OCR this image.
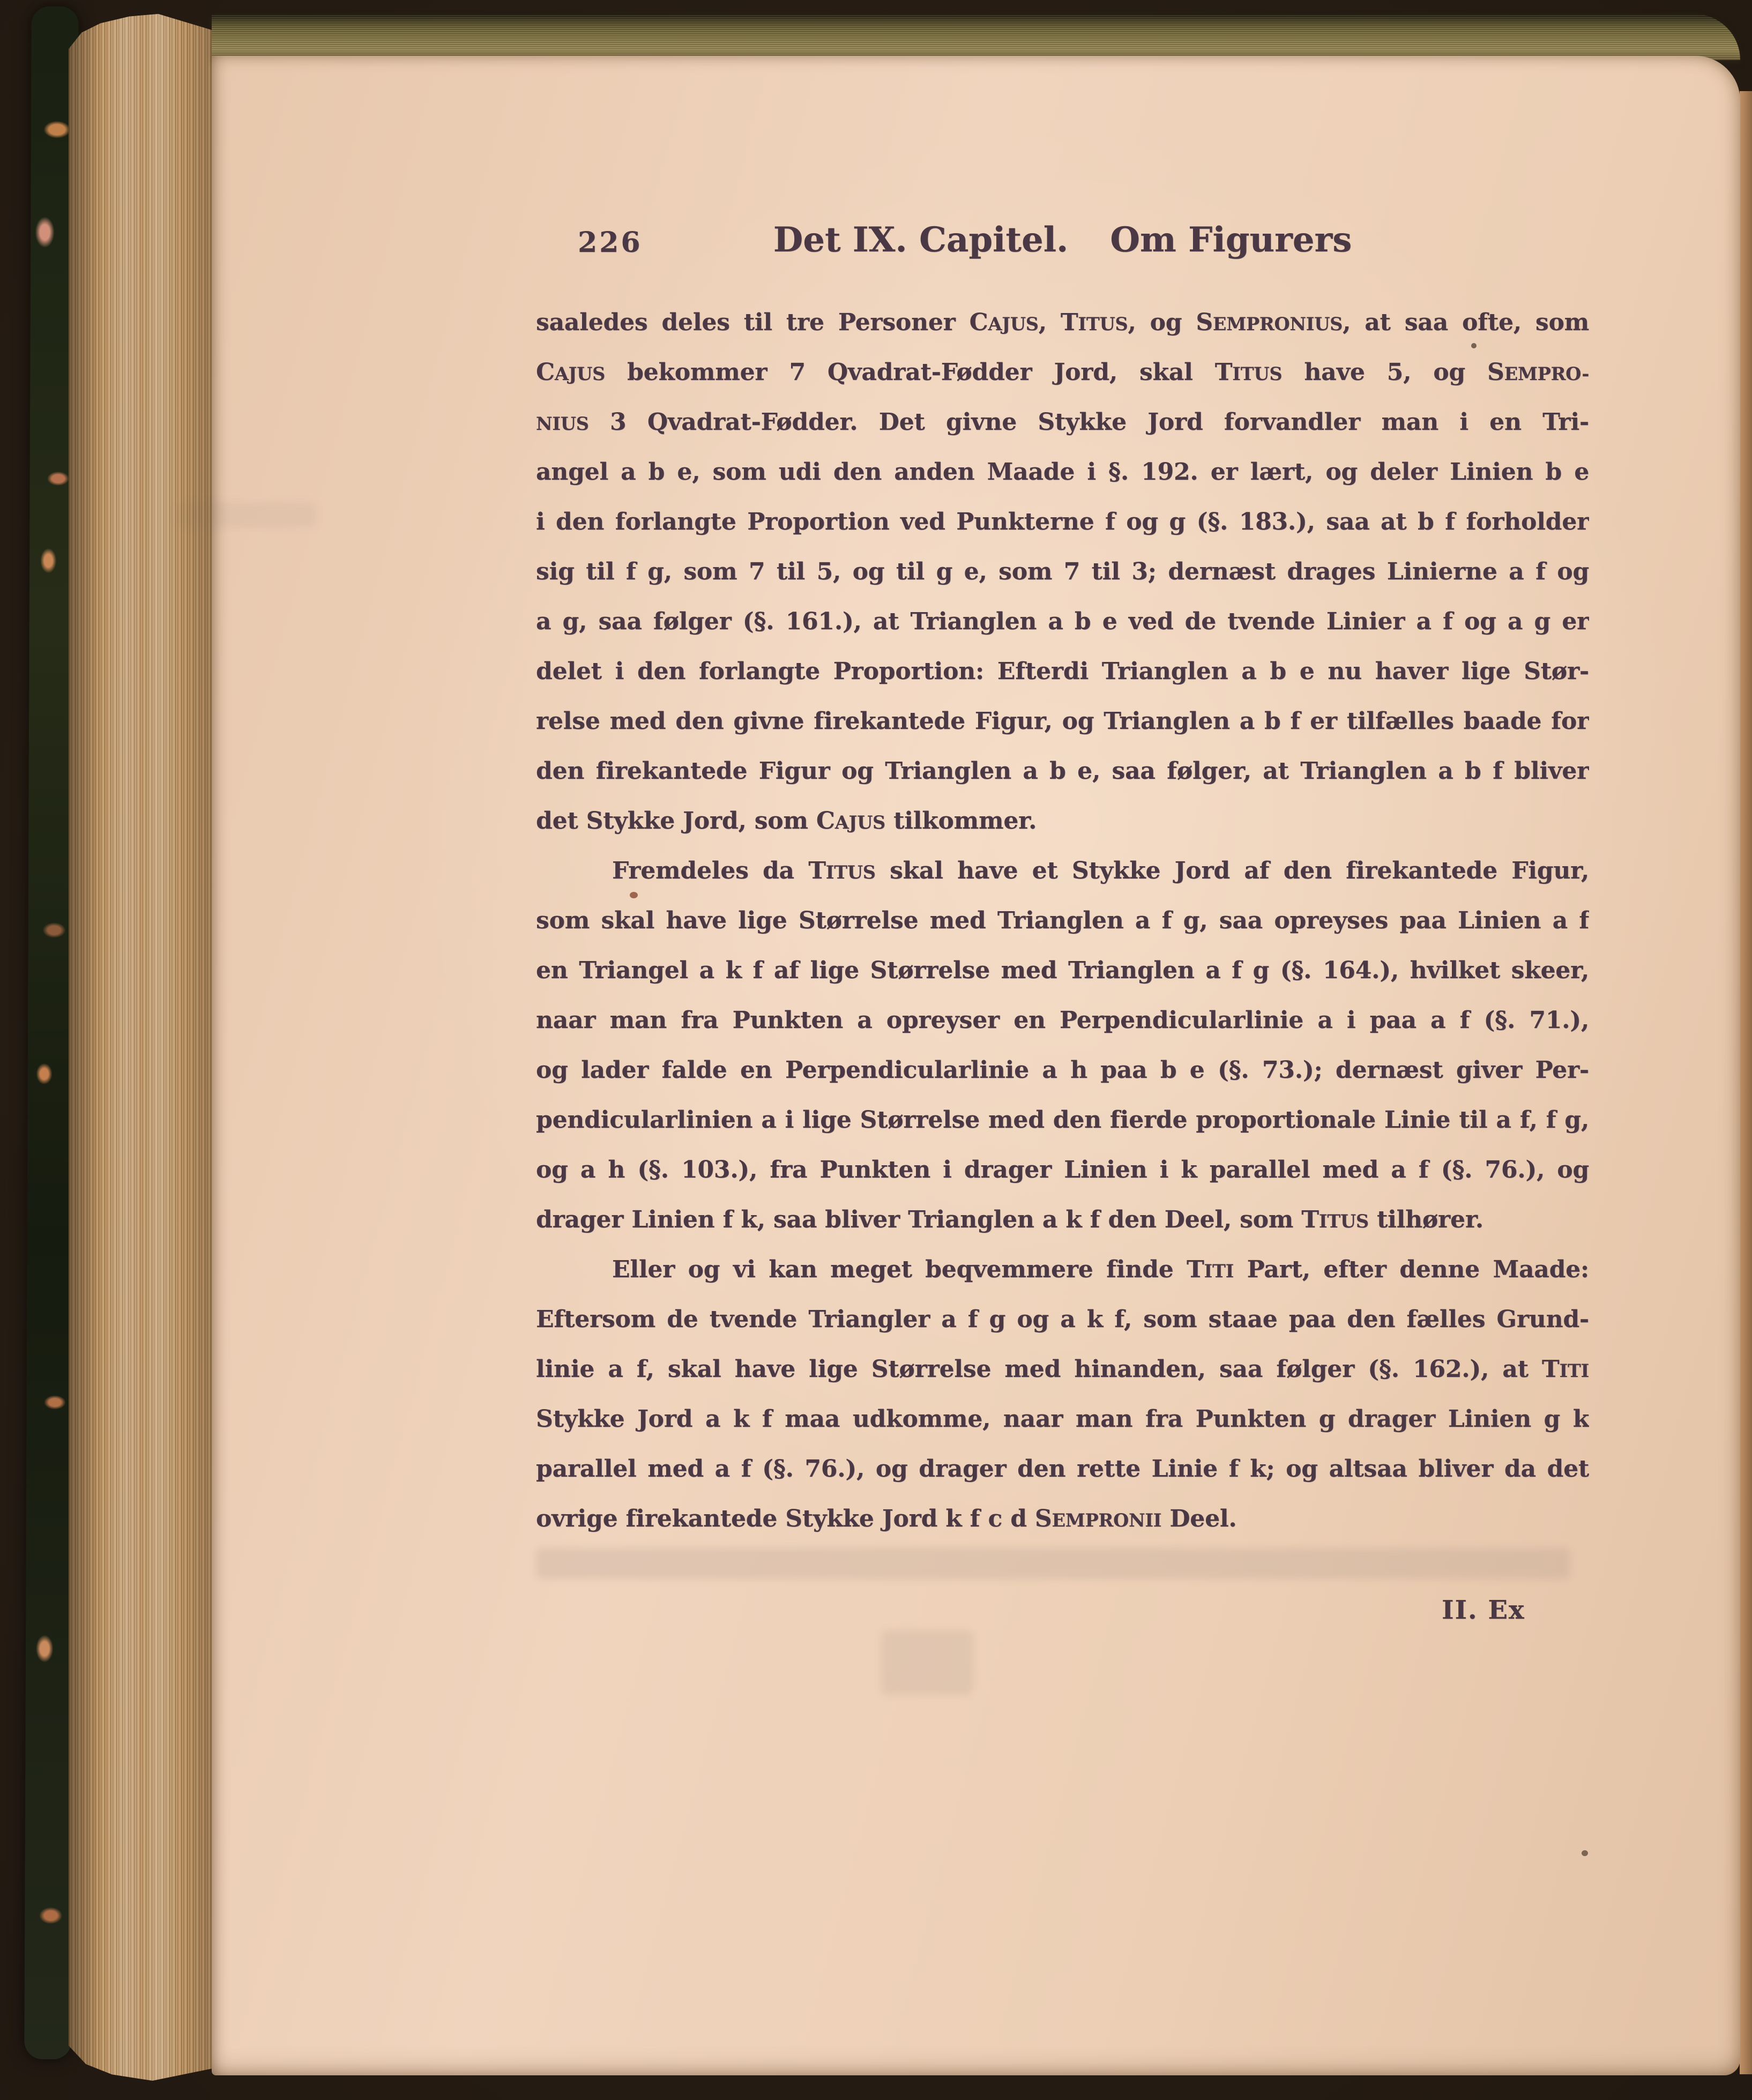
226	Det IX. Capitel. Om Figurers
saaledes deles til tre Personer CAJUS, TITUS, og SEMPRONIUS, at saa ofte, som
CAJUS bekommer 7 Qvadrat-Fødder Jord, skal TITUS have 5, og SEMPRO-
NIUS 3 Qvadrat-Fødder. Det givne Stykke Jord forvandler man i en Tri-
angel a b e, som udi den anden Maade i §. 192. er lært, og deler Linien b e
i den forlangte Proportion ved Punkterne f og g (§. 183.), saa at b f forholder
sig til f g, som 7 til 5, og til g e, som 7 til 3; dernæst drages Linierne a f og
a g, saa følger (§. 161.), at Trianglen a b e ved de tvende Linier a f og a g er
delet i den forlangte Proportion: Efterdi Trianglen a b e nu haver lige Stør-
relse med den givne firekantede Figur, og Trianglen a b f er tilfælles baade for
den firekantede Figur og Trianglen a b e, saa følger, at Trianglen a b f bliver
det Stykke Jord, som CAJUS tilkommer.
Fremdeles da TITUS skal have et Stykke Jord af den firekantede Figur,
som skal have lige Størrelse med Trianglen a f g, saa opreyses paa Linien a f
en Triangel a k f af lige Størrelse med Trianglen a f g (§. 164.), hvilket skeer,
naar man fra Punkten a opreyser en Perpendicularlinie a i paa a f (§. 71.),
og lader falde en Perpendicularlinie a h paa b e (§. 73.); dernæst giver Per-
pendicularlinien a i lige Størrelse med den fierde proportionale Linie til a f, f g,
og a h (§. 103.), fra Punkten i drager Linien i k parallel med a f (§. 76.), og
drager Linien f k, saa bliver Trianglen a k f den Deel, som TITUS tilhører.
Eller og vi kan meget beqvemmere finde TITI Part, efter denne Maade:
Eftersom de tvende Triangler a f g og a k f, som staae paa den fælles Grund-
linie a f, skal have lige Størrelse med hinanden, saa følger (§. 162.), at TITI
Stykke Jord a k f maa udkomme, naar man fra Punkten g drager Linien g k
parallel med a f (§. 76.), og drager den rette Linie f k; og altsaa bliver da det
ovrige firekantede Stykke Jord k f c d SEMPRONII Deel.
II. Ex
